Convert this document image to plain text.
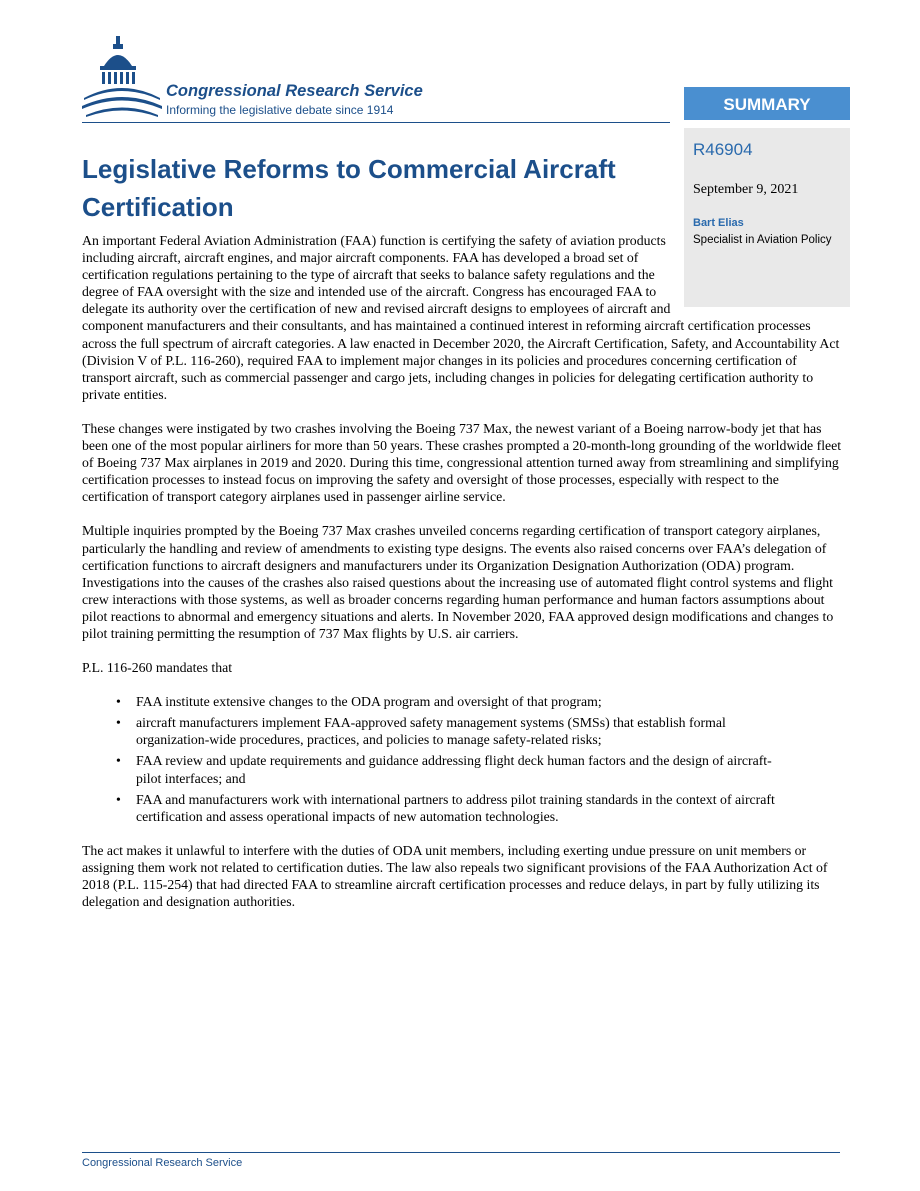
Congressional Research Service
Informing the legislative debate since 1914	SUMMARY
R46904
September 9, 2021
Bart Elias
Specialist in Aviation Policy
Legislative Reforms to Commercial Aircraft Certification

An important Federal Aviation Administration (FAA) function is certifying the safety of aviation products including aircraft, aircraft engines, and major aircraft components. FAA has developed a broad set of certification regulations pertaining to the type of aircraft that seeks to balance safety regulations and the degree of FAA oversight with the size and intended use of the aircraft. Congress has encouraged FAA to delegate its authority over the certification of new and revised aircraft designs to employees of aircraft and component manufacturers and their consultants, and has maintained a continued interest in reforming aircraft certification processes across the full spectrum of aircraft categories. A law enacted in December 2020, the Aircraft Certification, Safety, and Accountability Act (Division V of P.L. 116-260), required FAA to implement major changes in its policies and procedures concerning certification of transport aircraft, such as commercial passenger and cargo jets, including changes in policies for delegating certification authority to private entities.

These changes were instigated by two crashes involving the Boeing 737 Max, the newest variant of a Boeing narrow-body jet that has been one of the most popular airliners for more than 50 years. These crashes prompted a 20-month-long grounding of the worldwide fleet of Boeing 737 Max airplanes in 2019 and 2020. During this time, congressional attention turned away from streamlining and simplifying certification processes to instead focus on improving the safety and oversight of those processes, especially with respect to the certification of transport category airplanes used in passenger airline service.

Multiple inquiries prompted by the Boeing 737 Max crashes unveiled concerns regarding certification of transport category airplanes, particularly the handling and review of amendments to existing type designs. The events also raised concerns over FAA’s delegation of certification functions to aircraft designers and manufacturers under its Organization Designation Authorization (ODA) program. Investigations into the causes of the crashes also raised questions about the increasing use of automated flight control systems and flight crew interactions with those systems, as well as broader concerns regarding human performance and human factors assumptions about pilot reactions to abnormal and emergency situations and alerts. In November 2020, FAA approved design modifications and changes to pilot training permitting the resumption of 737 Max flights by U.S. air carriers.

P.L. 116-260 mandates that

• FAA institute extensive changes to the ODA program and oversight of that program;
• aircraft manufacturers implement FAA-approved safety management systems (SMSs) that establish formal organization-wide procedures, practices, and policies to manage safety-related risks;
• FAA review and update requirements and guidance addressing flight deck human factors and the design of aircraft-pilot interfaces; and
• FAA and manufacturers work with international partners to address pilot training standards in the context of aircraft certification and assess operational impacts of new automation technologies.

The act makes it unlawful to interfere with the duties of ODA unit members, including exerting undue pressure on unit members or assigning them work not related to certification duties. The law also repeals two significant provisions of the FAA Authorization Act of 2018 (P.L. 115-254) that had directed FAA to streamline aircraft certification processes and reduce delays, in part by fully utilizing its delegation and designation authorities.

Congressional Research Service
